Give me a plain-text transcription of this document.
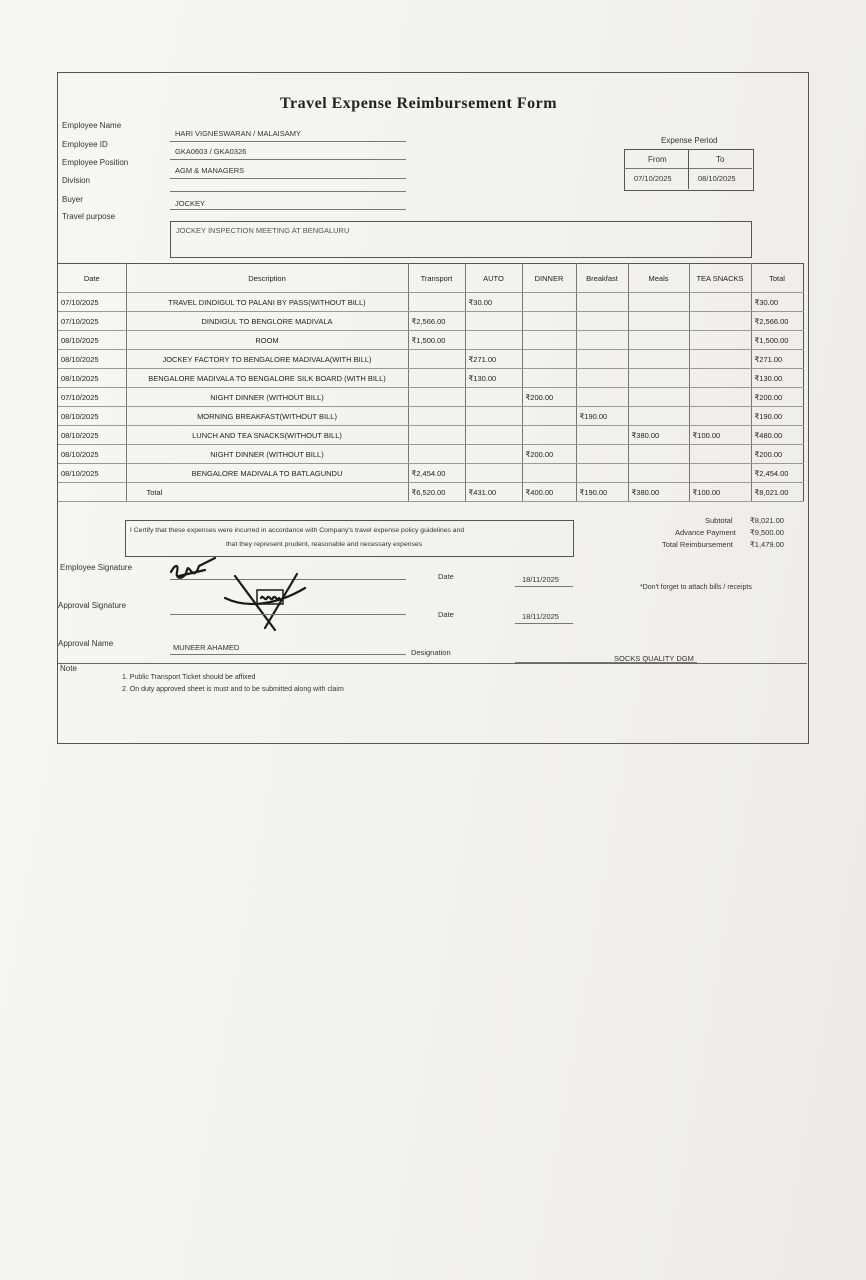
Travel Expense Reimbursement Form
Employee Name
HARI VIGNESWARAN / MALAISAMY
Employee ID
GKA0603 / GKA0326
Employee Position
AGM & MANAGERS
Division
Buyer	JOCKEY
Travel purpose
JOCKEY INSPECTION MEETING AT BENGALURU
Expense Period
From	To
07/10/2025	08/10/2025
Date	Description	Transport	AUTO	DINNER	Breakfast	Meals	TEA SNACKS	Total
07/10/2025	TRAVEL DINDIGUL TO PALANI BY PASS(WITHOUT BILL)		₹30.00					₹30.00
07/10/2025	DINDIGUL TO BENGLORE MADIVALA	₹2,566.00						₹2,566.00
08/10/2025	ROOM	₹1,500.00						₹1,500.00
08/10/2025	JOCKEY FACTORY TO BENGALORE MADIVALA(WITH BILL)		₹271.00					₹271.00
08/10/2025	BENGALORE MADIVALA TO BENGALORE SILK BOARD (WITH BILL)		₹130.00					₹130.00
07/10/2025	NIGHT DINNER (WITHOUT BILL)			₹200.00				₹200.00
08/10/2025	MORNING BREAKFAST(WITHOUT BILL)				₹190.00			₹190.00
08/10/2025	LUNCH AND TEA SNACKS(WITHOUT BILL)					₹380.00	₹100.00	₹480.00
08/10/2025	NIGHT DINNER (WITHOUT BILL)			₹200.00				₹200.00
08/10/2025	BENGALORE MADIVALA TO BATLAGUNDU	₹2,454.00						₹2,454.00
	Total	₹6,520.00	₹431.00	₹400.00	₹190.00	₹380.00	₹100.00	₹8,021.00
Subtotal ₹8,021.00
Advance Payment ₹9,500.00
Total Reimbursement ₹1,479.00
I Certify that these expenses were incurred in accordance with Company's travel expense policy guidelines and
that they represent prudent, reasonable and necessary expenses
Employee Signature
Date	18/11/2025
*Don't forget to attach bills / receipts
Approval Signature
Date	18/11/2025
Approval Name	MUNEER AHAMED
Designation
SOCKS QUALITY DGM
Note
1. Public Transport Ticket should be affixed
2. On duty approved sheet is must and to be submitted along with claim
